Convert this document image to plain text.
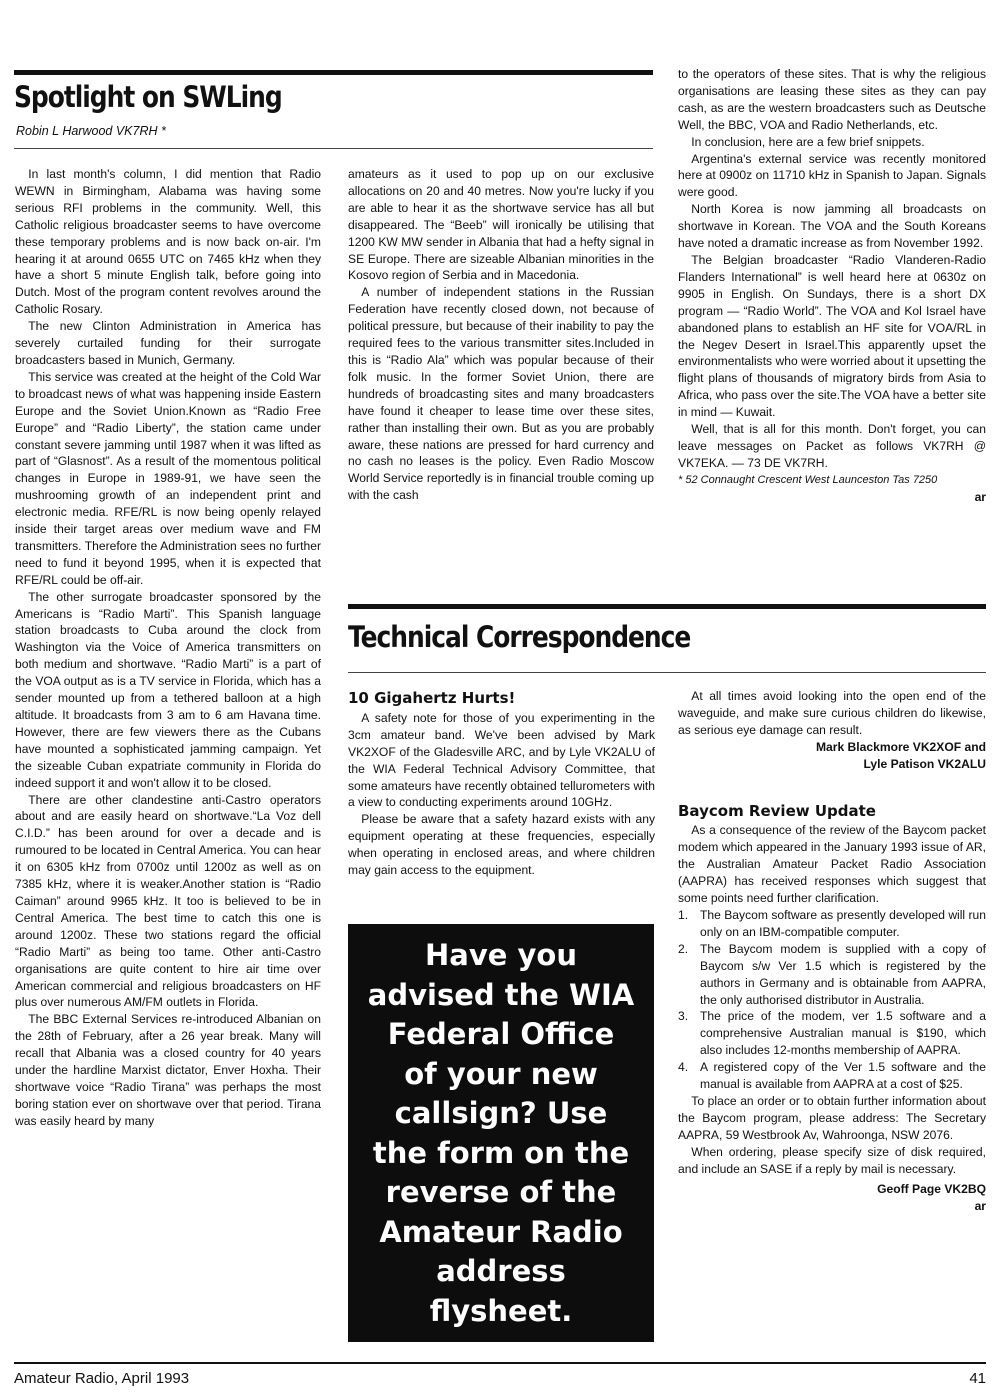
Spotlight on SWLing
Robin L Harwood VK7RH *

In last month's column, I did mention that Radio WEWN in Birmingham, Alabama was having some serious RFI problems in the community. Well, this Catholic religious broadcaster seems to have overcome these temporary problems and is now back on-air. I'm hearing it at around 0655 UTC on 7465 kHz when they have a short 5 minute English talk, before going into Dutch. Most of the program content revolves around the Catholic Rosary.

The new Clinton Administration in America has severely curtailed funding for their surrogate broadcasters based in Munich, Germany.

This service was created at the height of the Cold War to broadcast news of what was happening inside Eastern Europe and the Soviet Union.Known as “Radio Free Europe” and “Radio Liberty”, the station came under constant severe jamming until 1987 when it was lifted as part of “Glasnost”. As a result of the momentous political changes in Europe in 1989-91, we have seen the mushrooming growth of an independent print and electronic media. RFE/RL is now being openly relayed inside their target areas over medium wave and FM transmitters. Therefore the Administration sees no further need to fund it beyond 1995, when it is expected that RFE/RL could be off-air.

The other surrogate broadcaster sponsored by the Americans is “Radio Marti”. This Spanish language station broadcasts to Cuba around the clock from Washington via the Voice of America transmitters on both medium and shortwave. “Radio Marti” is a part of the VOA output as is a TV service in Florida, which has a sender mounted up from a tethered balloon at a high altitude. It broadcasts from 3 am to 6 am Havana time. However, there are few viewers there as the Cubans have mounted a sophisticated jamming campaign. Yet the sizeable Cuban expatriate community in Florida do indeed support it and won't allow it to be closed.

There are other clandestine anti-Castro operators about and are easily heard on shortwave.“La Voz dell C.I.D.” has been around for over a decade and is rumoured to be located in Central America. You can hear it on 6305 kHz from 0700z until 1200z as well as on 7385 kHz, where it is weaker.Another station is “Radio Caiman” around 9965 kHz. It too is believed to be in Central America. The best time to catch this one is around 1200z. These two stations regard the official “Radio Marti” as being too tame. Other anti-Castro organisations are quite content to hire air time over American commercial and religious broadcasters on HF plus over numerous AM/FM outlets in Florida.

The BBC External Services re-introduced Albanian on the 28th of February, after a 26 year break. Many will recall that Albania was a closed country for 40 years under the hardline Marxist dictator, Enver Hoxha. Their shortwave voice “Radio Tirana” was perhaps the most boring station ever on shortwave over that period. Tirana was easily heard by many

amateurs as it used to pop up on our exclusive allocations on 20 and 40 metres. Now you're lucky if you are able to hear it as the shortwave service has all but disappeared. The “Beeb” will ironically be utilising that 1200 KW MW sender in Albania that had a hefty signal in SE Europe. There are sizeable Albanian minorities in the Kosovo region of Serbia and in Macedonia.

A number of independent stations in the Russian Federation have recently closed down, not because of political pressure, but because of their inability to pay the required fees to the various transmitter sites.Included in this is “Radio Ala” which was popular because of their folk music. In the former Soviet Union, there are hundreds of broadcasting sites and many broadcasters have found it cheaper to lease time over these sites, rather than installing their own. But as you are probably aware, these nations are pressed for hard currency and no cash no leases is the policy. Even Radio Moscow World Service reportedly is in financial trouble coming up with the cash

to the operators of these sites. That is why the religious organisations are leasing these sites as they can pay cash, as are the western broadcasters such as Deutsche Well, the BBC, VOA and Radio Netherlands, etc.

In conclusion, here are a few brief snippets.

Argentina's external service was recently monitored here at 0900z on 11710 kHz in Spanish to Japan. Signals were good.

North Korea is now jamming all broadcasts on shortwave in Korean. The VOA and the South Koreans have noted a dramatic increase as from November 1992.

The Belgian broadcaster “Radio Vlanderen-Radio Flanders International” is well heard here at 0630z on 9905 in English. On Sundays, there is a short DX program — “Radio World”. The VOA and Kol Israel have abandoned plans to establish an HF site for VOA/RL in the Negev Desert in Israel.This apparently upset the environmentalists who were worried about it upsetting the flight plans of thousands of migratory birds from Asia to Africa, who pass over the site.The VOA have a better site in mind — Kuwait.

Well, that is all for this month. Don't forget, you can leave messages on Packet as follows VK7RH @ VK7EKA. — 73 DE VK7RH.

* 52 Connaught Crescent West Launceston Tas 7250
ar
Technical Correspondence
10 Gigahertz Hurts!

A safety note for those of you experimenting in the 3cm amateur band. We've been advised by Mark VK2XOF of the Gladesville ARC, and by Lyle VK2ALU of the WIA Federal Technical Advisory Committee, that some amateurs have recently obtained tellurometers with a view to conducting experiments around 10GHz.

Please be aware that a safety hazard exists with any equipment operating at these frequencies, especially when operating in enclosed areas, and where children may gain access to the equipment.

Have you
advised the WIA
Federal Office
of your new
callsign? Use
the form on the
reverse of the
Amateur Radio
address
flysheet.

At all times avoid looking into the open end of the waveguide, and make sure curious children do likewise, as serious eye damage can result.

Mark Blackmore VK2XOF and
Lyle Patison VK2ALU
Baycom Review Update

As a consequence of the review of the Baycom packet modem which appeared in the January 1993 issue of AR, the Australian Amateur Packet Radio Association (AAPRA) has received responses which suggest that some points need further clarification.

1. The Baycom software as presently developed will run only on an IBM-compatible computer.
2. The Baycom modem is supplied with a copy of Baycom s/w Ver 1.5 which is registered by the authors in Germany and is obtainable from AAPRA, the only authorised distributor in Australia.
3. The price of the modem, ver 1.5 software and a comprehensive Australian manual is $190, which also includes 12-months membership of AAPRA.
4. A registered copy of the Ver 1.5 software and the manual is available from AAPRA at a cost of $25.

To place an order or to obtain further information about the Baycom program, please address: The Secretary AAPRA, 59 Westbrook Av, Wahroonga, NSW 2076.

When ordering, please specify size of disk required, and include an SASE if a reply by mail is necessary.

Geoff Page VK2BQ
ar
Amateur Radio, April 1993	41
